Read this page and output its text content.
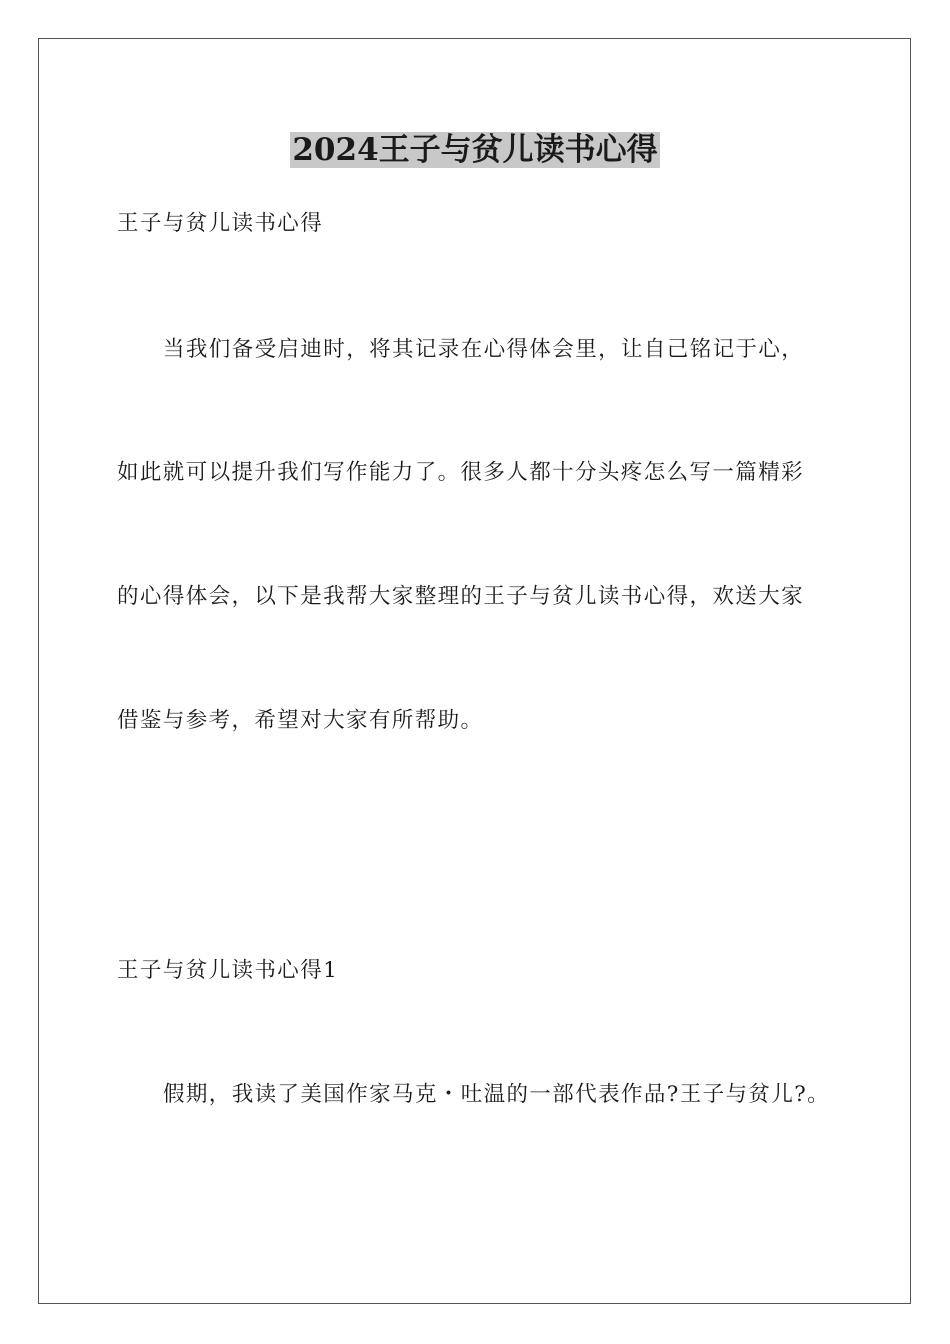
2024王子与贫儿读书心得
王子与贫儿读书心得
当我们备受启迪时，将其记录在心得体会里，让自己铭记于心，
如此就可以提升我们写作能力了。很多人都十分头疼怎么写一篇精彩
的心得体会，以下是我帮大家整理的王子与贫儿读书心得，欢送大家
借鉴与参考，希望对大家有所帮助。
王子与贫儿读书心得1
假期，我读了美国作家马克・吐温的一部代表作品?王子与贫儿?。
